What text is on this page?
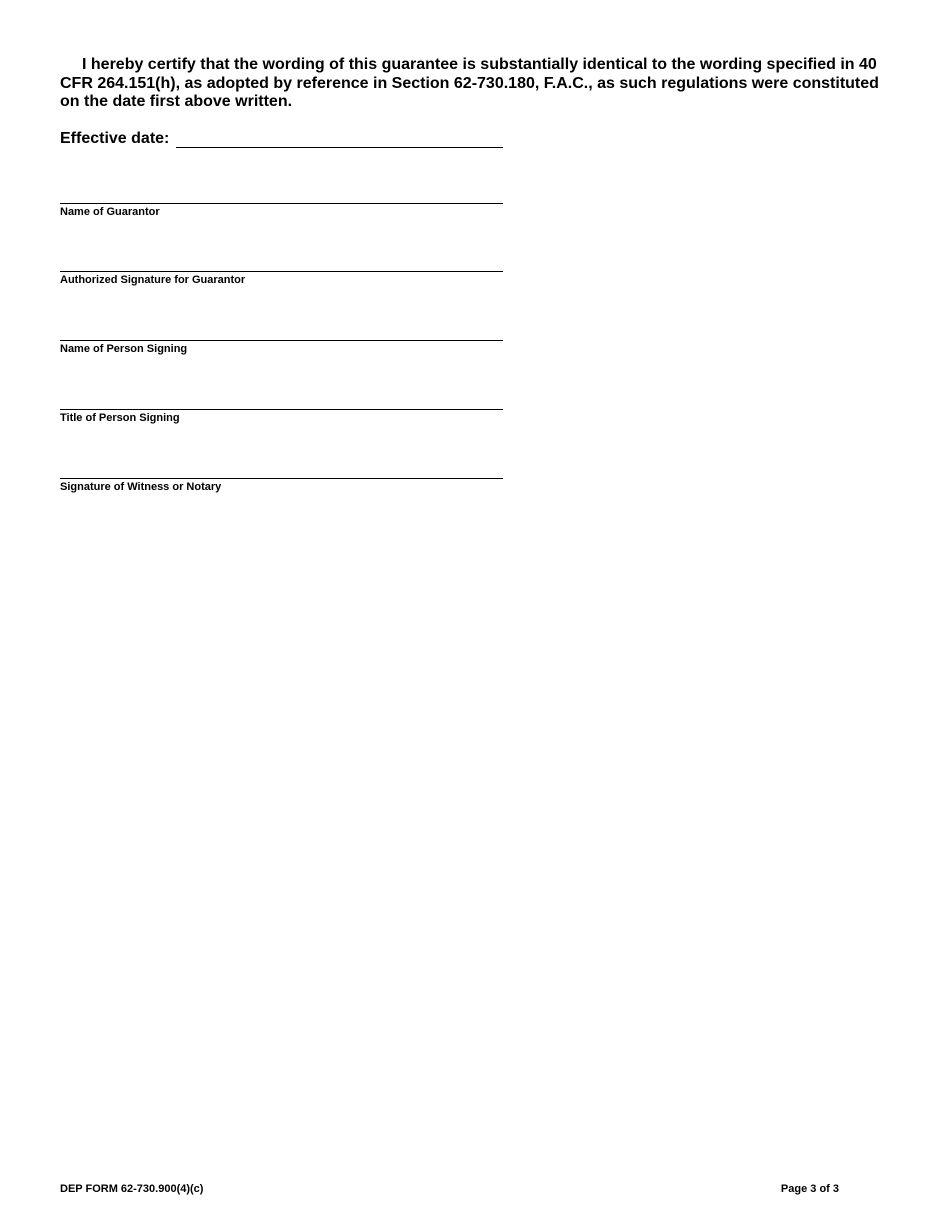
I hereby certify that the wording of this guarantee is substantially identical to the wording specified in 40 CFR 264.151(h), as adopted by reference in Section 62-730.180, F.A.C., as such regulations were constituted on the date first above written.

Effective date:
Name of Guarantor
Authorized Signature for Guarantor
Name of Person Signing
Title of Person Signing
Signature of Witness or Notary
DEP FORM 62-730.900(4)(c)	Page 3 of 3
